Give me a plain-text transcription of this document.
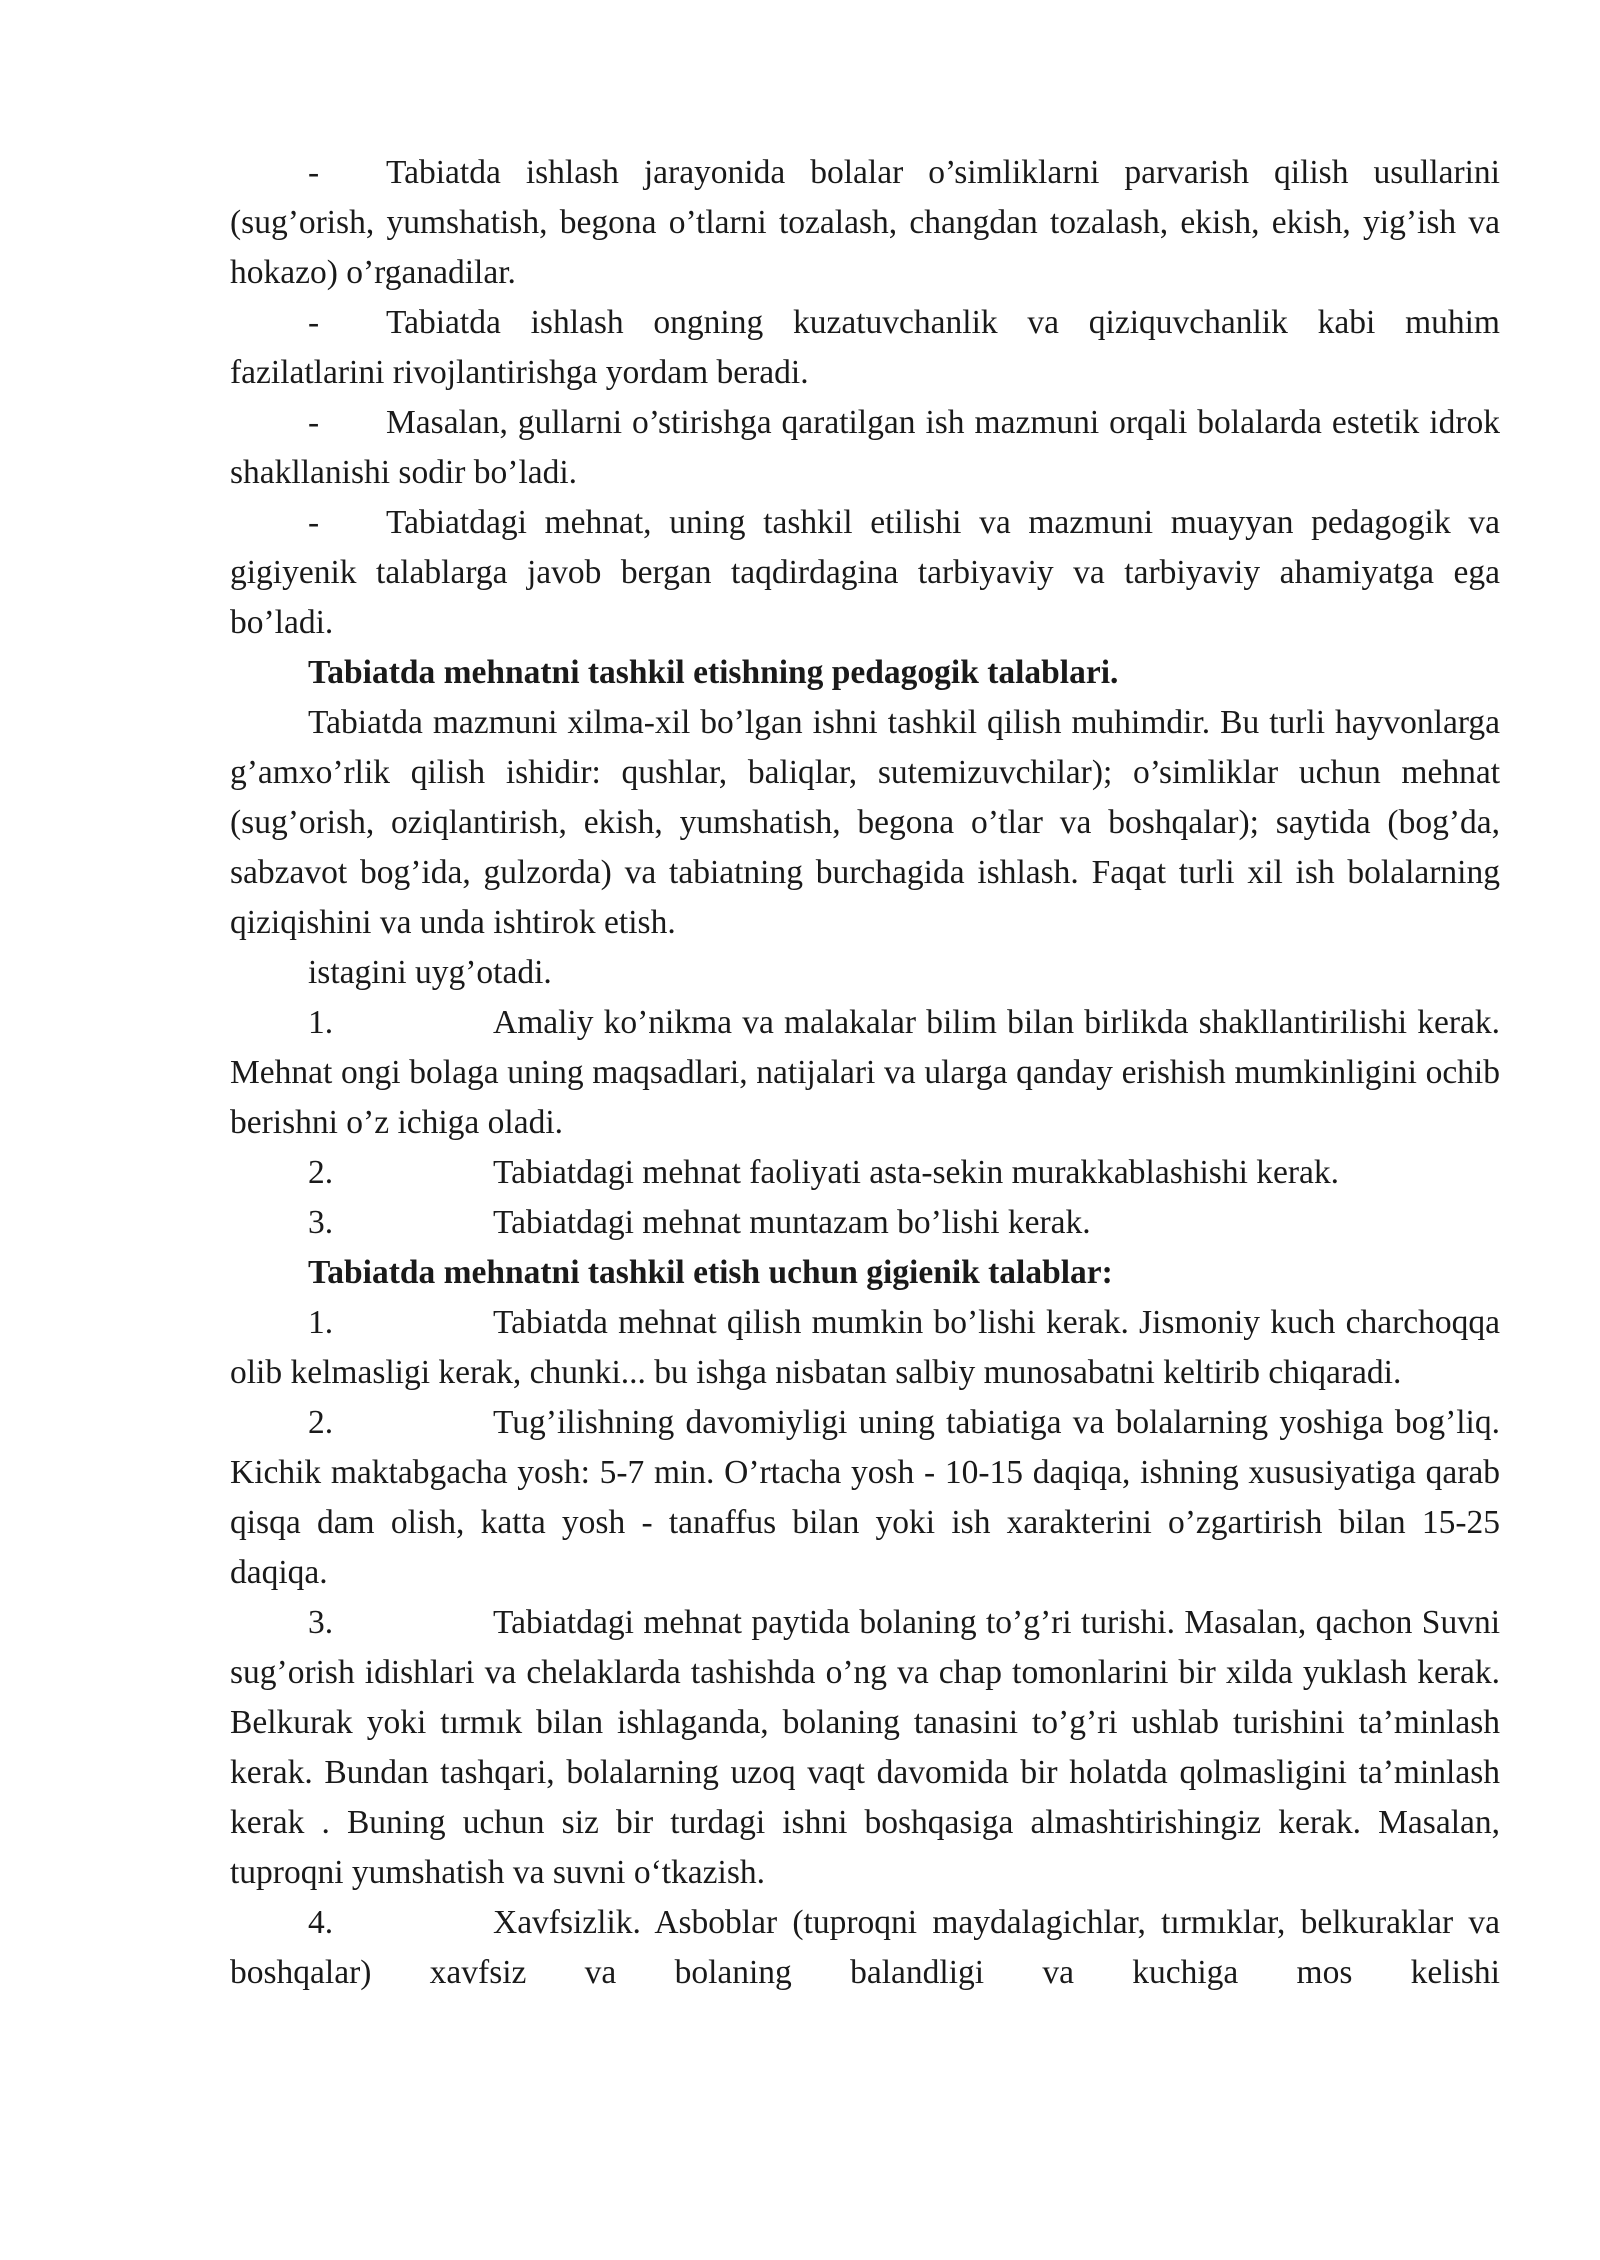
- Tabiatda ishlash jarayonida bolalar o’simliklarni parvarish qilish usullarini (sug’orish, yumshatish, begona o’tlarni tozalash, changdan tozalash, ekish, ekish, yig’ish va hokazo) o’rganadilar.

- Tabiatda ishlash ongning kuzatuvchanlik va qiziquvchanlik kabi muhim fazilatlarini rivojlantirishga yordam beradi.

- Masalan, gullarni o’stirishga qaratilgan ish mazmuni orqali bolalarda estetik idrok shakllanishi sodir bo’ladi.

- Tabiatdagi mehnat, uning tashkil etilishi va mazmuni muayyan pedagogik va gigiyenik talablarga javob bergan taqdirdagina tarbiyaviy va tarbiyaviy ahamiyatga ega bo’ladi.

Tabiatda mehnatni tashkil etishning pedagogik talablari.

Tabiatda mazmuni xilma-xil bo’lgan ishni tashkil qilish muhimdir. Bu turli hayvonlarga g’amxo’rlik qilish ishidir: qushlar, baliqlar, sutemizuvchilar); o’simliklar uchun mehnat (sug’orish, oziqlantirish, ekish, yumshatish, begona o’tlar va boshqalar); saytida (bog’da, sabzavot bog’ida, gulzorda) va tabiatning burchagida ishlash. Faqat turli xil ish bolalarning qiziqishini va unda ishtirok etish.

istagini uyg’otadi.

1.	Amaliy ko’nikma va malakalar bilim bilan birlikda shakllantirilishi kerak. Mehnat ongi bolaga uning maqsadlari, natijalari va ularga qanday erishish mumkinligini ochib berishni o’z ichiga oladi.

2.	Tabiatdagi mehnat faoliyati asta-sekin murakkablashishi kerak.

3.	Tabiatdagi mehnat muntazam bo’lishi kerak.

Tabiatda mehnatni tashkil etish uchun gigienik talablar:

1.	Tabiatda mehnat qilish mumkin bo’lishi kerak. Jismoniy kuch charchoqqa olib kelmasligi kerak, chunki... bu ishga nisbatan salbiy munosabatni keltirib chiqaradi.

2.	Tug’ilishning davomiyligi uning tabiatiga va bolalarning yoshiga bog’liq. Kichik maktabgacha yosh: 5-7 min. O’rtacha yosh - 10-15 daqiqa, ishning xususiyatiga qarab qisqa dam olish, katta yosh - tanaffus bilan yoki ish xarakterini o’zgartirish bilan 15-25 daqiqa.

3.	Tabiatdagi mehnat paytida bolaning to’g’ri turishi. Masalan, qachon Suvni sug’orish idishlari va chelaklarda tashishda o’ng va chap tomonlarini bir xilda yuklash kerak. Belkurak yoki tırmık bilan ishlaganda, bolaning tanasini to’g’ri ushlab turishini ta’minlash kerak. Bundan tashqari, bolalarning uzoq vaqt davomida bir holatda qolmasligini taʼminlash kerak . Buning uchun siz bir turdagi ishni boshqasiga almashtirishingiz kerak. Masalan, tuproqni yumshatish va suvni oʻtkazish.

4.	Xavfsizlik. Asboblar (tuproqni maydalagichlar, tırmıklar, belkuraklar va boshqalar) xavfsiz va bolaning balandligi va kuchiga mos kelishi
